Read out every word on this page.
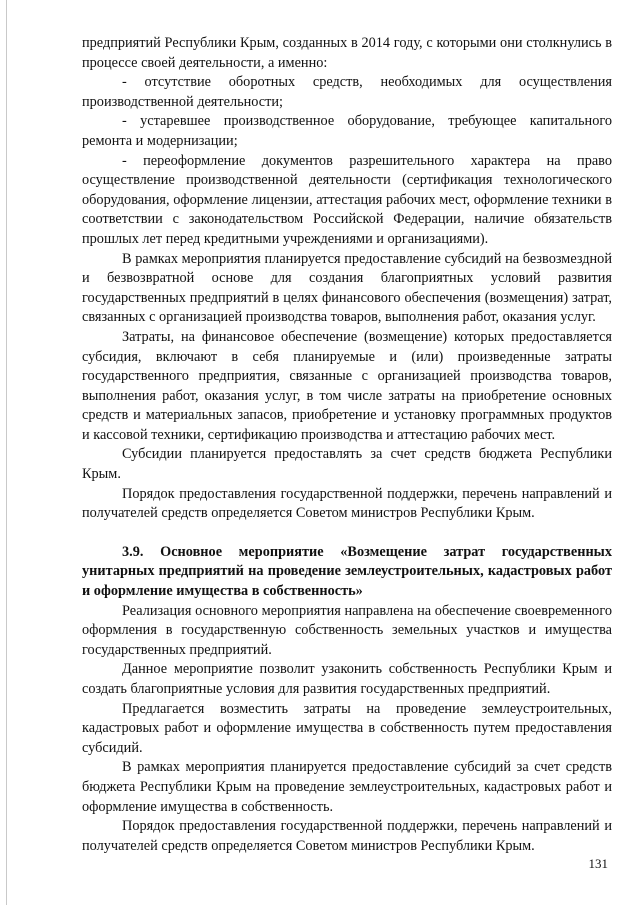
предприятий Республики Крым, созданных в 2014 году, с которыми они столкнулись в процессе своей деятельности, а именно:

- отсутствие оборотных средств, необходимых для осуществления производственной деятельности;

- устаревшее производственное оборудование, требующее капитального ремонта и модернизации;

- переоформление документов разрешительного характера на право осуществление производственной деятельности (сертификация технологического оборудования, оформление лицензии, аттестация рабочих мест, оформление техники в соответствии с законодательством Российской Федерации, наличие обязательств прошлых лет перед кредитными учреждениями и организациями).

В рамках мероприятия планируется предоставление субсидий на безвозмездной и безвозвратной основе для создания благоприятных условий развития государственных предприятий в целях финансового обеспечения (возмещения) затрат, связанных с организацией производства товаров, выполнения работ, оказания услуг.

Затраты, на финансовое обеспечение (возмещение) которых предоставляется субсидия, включают в себя планируемые и (или) произведенные затраты государственного предприятия, связанные с организацией производства товаров, выполнения работ, оказания услуг, в том числе затраты на приобретение основных средств и материальных запасов, приобретение и установку программных продуктов и кассовой техники, сертификацию производства и аттестацию рабочих мест.

Субсидии планируется предоставлять за счет средств бюджета Республики Крым.

Порядок предоставления государственной поддержки, перечень направлений и получателей средств определяется Советом министров Республики Крым.

3.9. Основное мероприятие «Возмещение затрат государственных унитарных предприятий на проведение землеустроительных, кадастровых работ и оформление имущества в собственность»

Реализация основного мероприятия направлена на обеспечение своевременного оформления в государственную собственность земельных участков и имущества государственных предприятий.

Данное мероприятие позволит узаконить собственность Республики Крым и создать благоприятные условия для развития государственных предприятий.

Предлагается возместить затраты на проведение землеустроительных, кадастровых работ и оформление имущества в собственность путем предоставления субсидий.

В рамках мероприятия планируется предоставление субсидий за счет средств бюджета Республики Крым на проведение землеустроительных, кадастровых работ и оформление имущества в собственность.

Порядок предоставления государственной поддержки, перечень направлений и получателей средств определяется Советом министров Республики Крым.

131
